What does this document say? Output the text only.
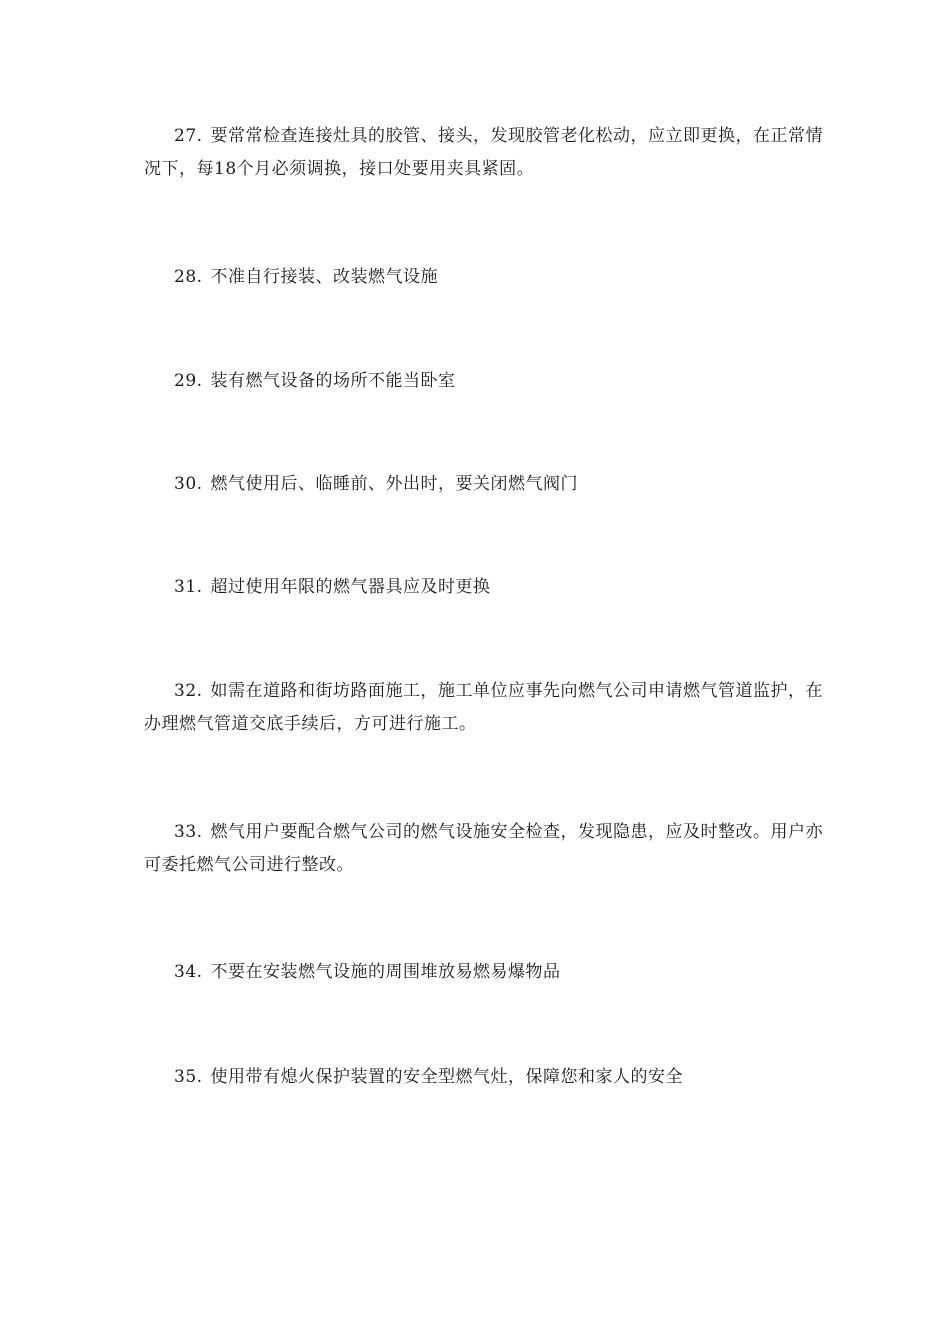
27. 要常常检查连接灶具的胶管、接头，发现胶管老化松动，应立即更换，在正常情况下，每18个月必须调换，接口处要用夹具紧固。

28. 不准自行接装、改装燃气设施

29. 装有燃气设备的场所不能当卧室

30. 燃气使用后、临睡前、外出时，要关闭燃气阀门

31. 超过使用年限的燃气器具应及时更换

32. 如需在道路和街坊路面施工，施工单位应事先向燃气公司申请燃气管道监护，在办理燃气管道交底手续后，方可进行施工。

33. 燃气用户要配合燃气公司的燃气设施安全检查，发现隐患，应及时整改。用户亦可委托燃气公司进行整改。

34. 不要在安装燃气设施的周围堆放易燃易爆物品

35. 使用带有熄火保护装置的安全型燃气灶，保障您和家人的安全
